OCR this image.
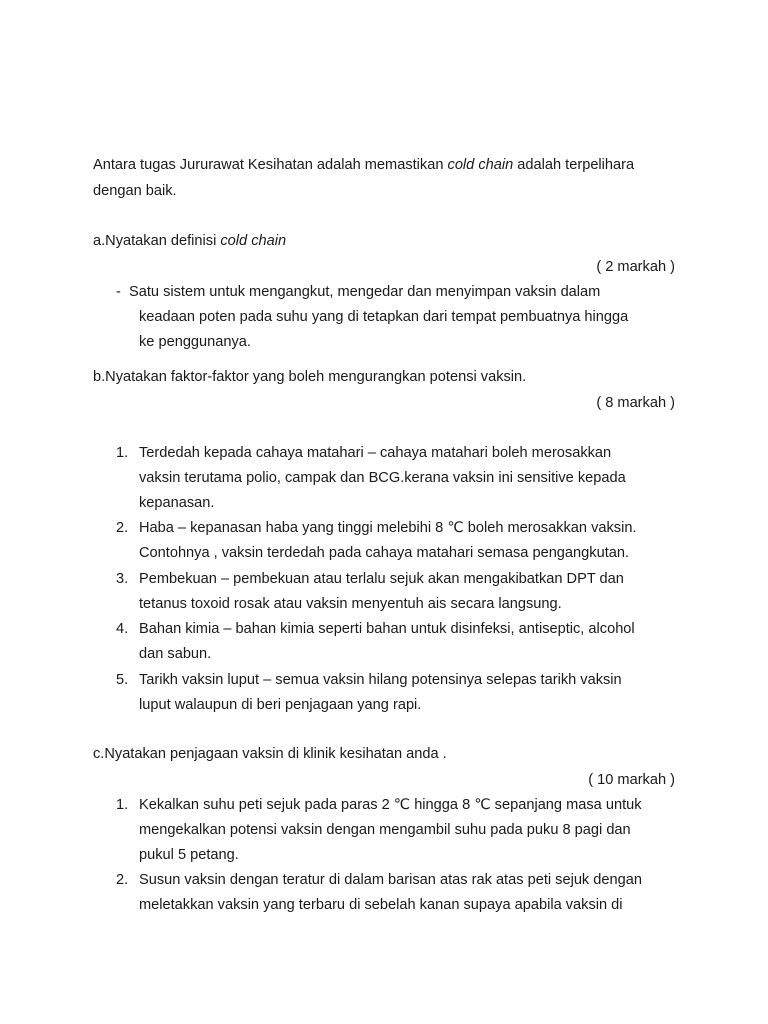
Antara tugas Jururawat Kesihatan adalah memastikan cold chain adalah terpelihara
dengan baik.
a.Nyatakan definisi cold chain
( 2 markah )
- Satu sistem untuk mengangkut, mengedar dan menyimpan vaksin dalam
keadaan poten pada suhu yang di tetapkan dari tempat pembuatnya hingga
ke penggunanya.
b.Nyatakan faktor-faktor yang boleh mengurangkan potensi vaksin.
( 8 markah )
1. Terdedah kepada cahaya matahari – cahaya matahari boleh merosakkan
vaksin terutama polio, campak dan BCG.kerana vaksin ini sensitive kepada
kepanasan.
2. Haba – kepanasan haba yang tinggi melebihi 8 ℃ boleh merosakkan vaksin.
Contohnya , vaksin terdedah pada cahaya matahari semasa pengangkutan.
3. Pembekuan – pembekuan atau terlalu sejuk akan mengakibatkan DPT dan
tetanus toxoid rosak atau vaksin menyentuh ais secara langsung.
4. Bahan kimia – bahan kimia seperti bahan untuk disinfeksi, antiseptic, alcohol
dan sabun.
5. Tarikh vaksin luput – semua vaksin hilang potensinya selepas tarikh vaksin
luput walaupun di beri penjagaan yang rapi.
c.Nyatakan penjagaan vaksin di klinik kesihatan anda .
( 10 markah )
1. Kekalkan suhu peti sejuk pada paras 2 ℃ hingga 8 ℃ sepanjang masa untuk
mengekalkan potensi vaksin dengan mengambil suhu pada puku 8 pagi dan
pukul 5 petang.
2. Susun vaksin dengan teratur di dalam barisan atas rak atas peti sejuk dengan
meletakkan vaksin yang terbaru di sebelah kanan supaya apabila vaksin di
